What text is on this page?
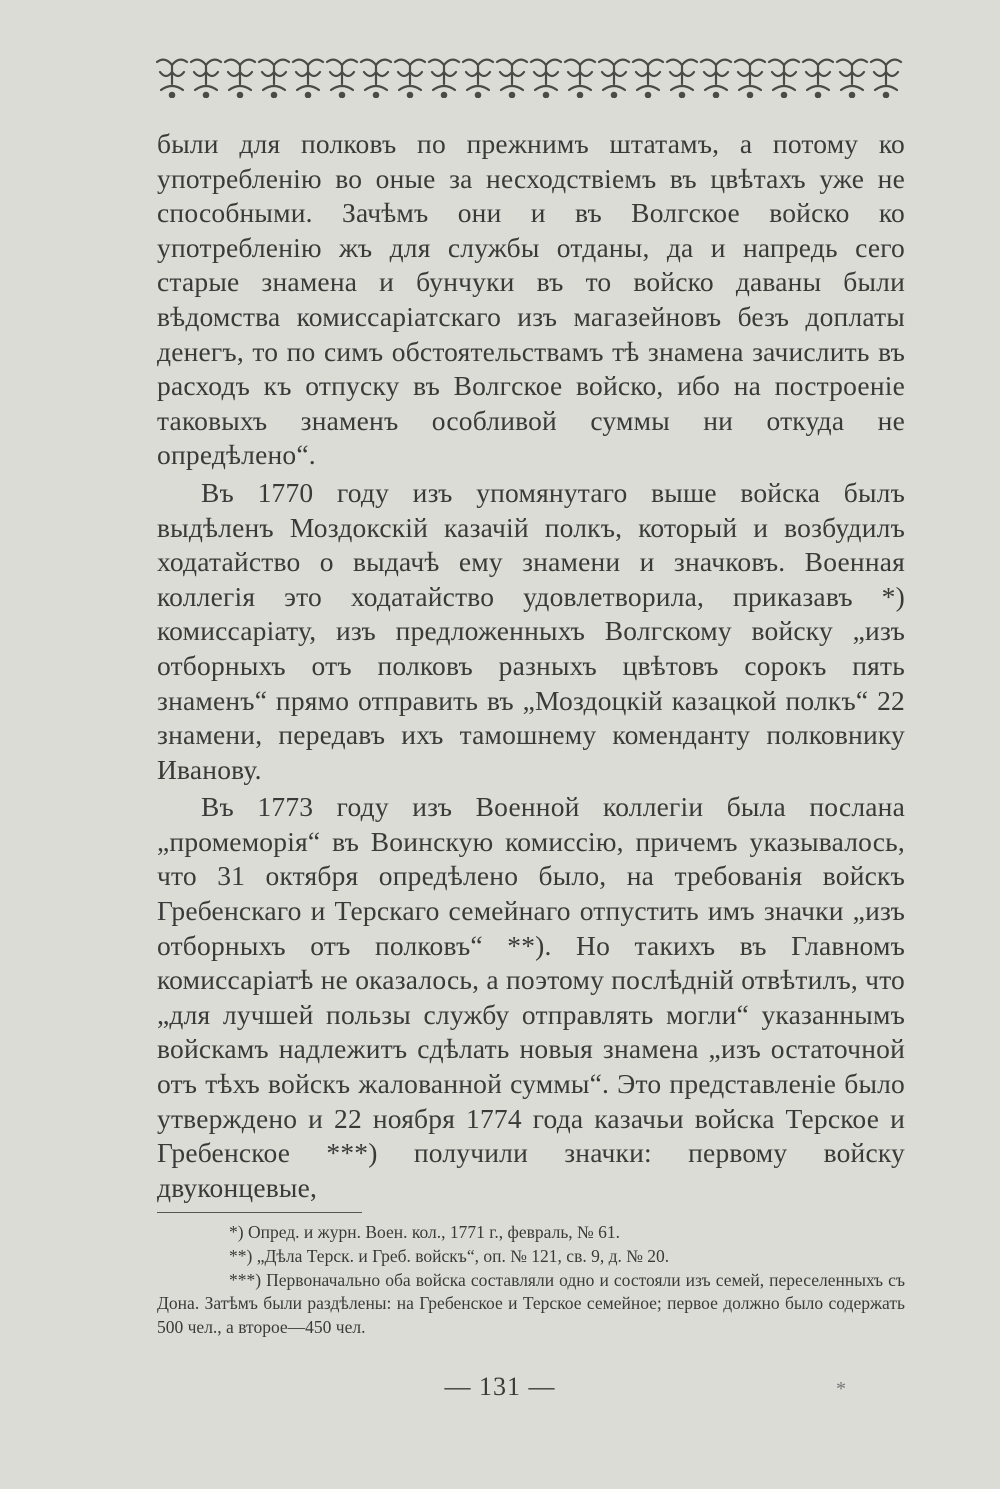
были для полковъ по прежнимъ штатамъ, а потому ко употребленiю во оные за несходствiемъ въ цвѣтахъ уже не способными. Зачѣмъ они и въ Волгское войско ко употребленiю жъ для службы отданы, да и напредь сего старые знамена и бунчуки въ то войско даваны были вѣдомства комиссарiатскаго изъ магазейновъ безъ доплаты денегъ, то по симъ обстоятельствамъ тѣ знамена зачислить въ расходъ къ отпуску въ Волгское войско, ибо на построенiе таковыхъ знаменъ особливой суммы ни откуда не опредѣлено“.

Въ 1770 году изъ упомянутаго выше войска былъ выдѣленъ Моздокскiй казачiй полкъ, который и возбудилъ ходатайство о выдачѣ ему знамени и значковъ. Военная коллегiя это ходатайство удовлетворила, приказавъ *) комиссарiату, изъ предложенныхъ Волгскому войску „изъ отборныхъ отъ полковъ разныхъ цвѣтовъ сорокъ пять знаменъ“ прямо отправить въ „Моздоцкiй казацкой полкъ“ 22 знамени, передавъ ихъ тамошнему коменданту полковнику Иванову.

Въ 1773 году изъ Военной коллегiи была послана „промеморiя“ въ Воинскую комиссiю, причемъ указывалось, что 31 октября опредѣлено было, на требованiя войскъ Гребенскаго и Терскаго семейнаго отпустить имъ значки „изъ отборныхъ отъ полковъ“ **). Но такихъ въ Главномъ комиссарiатѣ не оказалось, а поэтому послѣднiй отвѣтилъ, что „для лучшей пользы службу отправлять могли“ указаннымъ войскамъ надлежитъ сдѣлать новыя знамена „изъ остаточной отъ тѣхъ войскъ жалованной суммы“. Это представленiе было утверждено и 22 ноября 1774 года казачьи войска Терское и Гребенское ***) получили значки: первому войску двуконцевые,

*) Опред. и журн. Воен. кол., 1771 г., февраль, № 61.

**) „Дѣла Терск. и Греб. войскъ“, оп. № 121, св. 9, д. № 20.

***) Первоначально оба войска составляли одно и состояли изъ семей, переселенныхъ съ Дона. Затѣмъ были раздѣлены: на Гребенское и Терское семейное; первое должно было содержать 500 чел., а второе—450 чел.

— 131 —	*
